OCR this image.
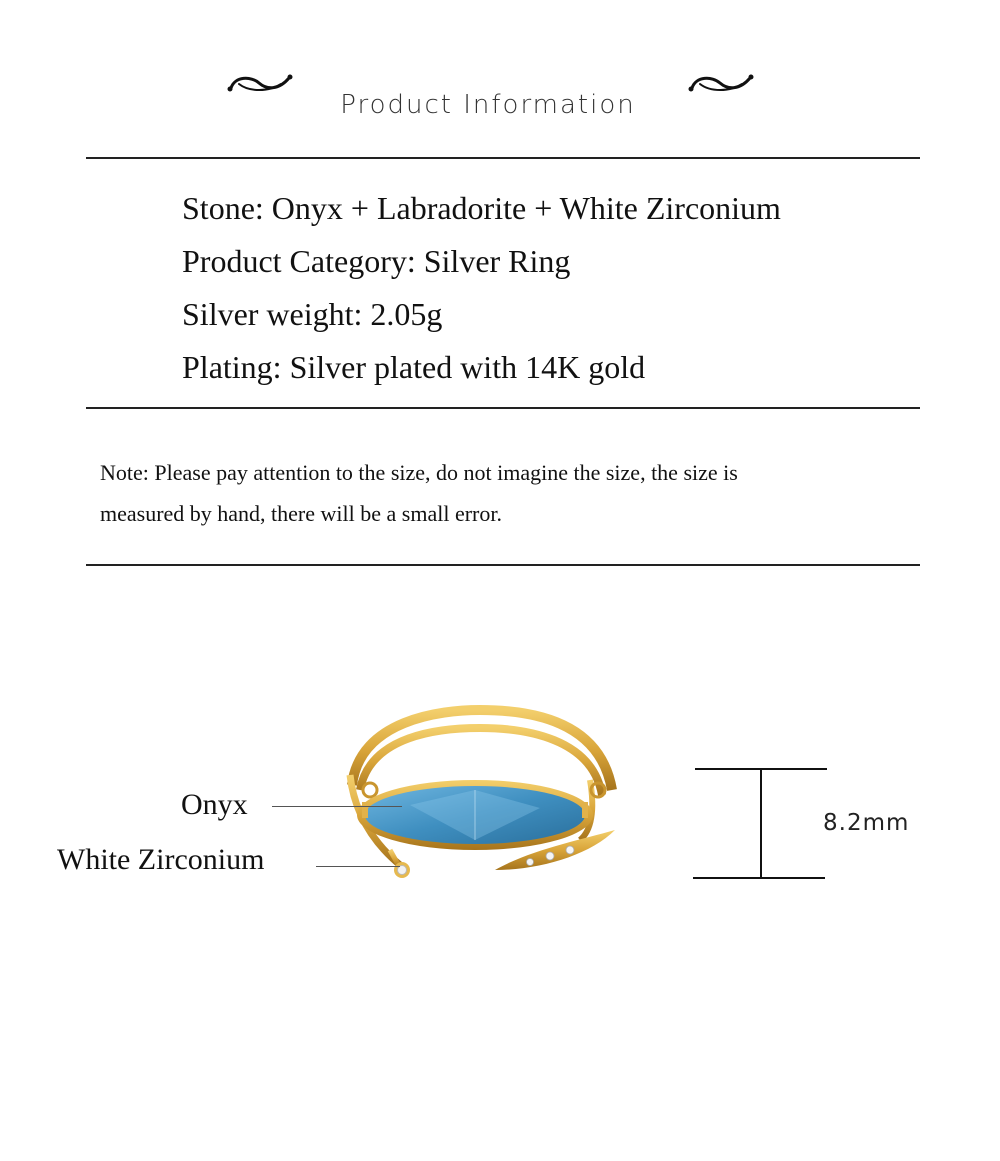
Product Information
Stone: Onyx + Labradorite + White Zirconium
Product Category: Silver Ring
Silver weight: 2.05g
Plating: Silver plated with 14K gold
Note: Please pay attention to the size, do not imagine the size, the size is
measured by hand, there will be a small error.
Onyx
White Zirconium
8.2mm
